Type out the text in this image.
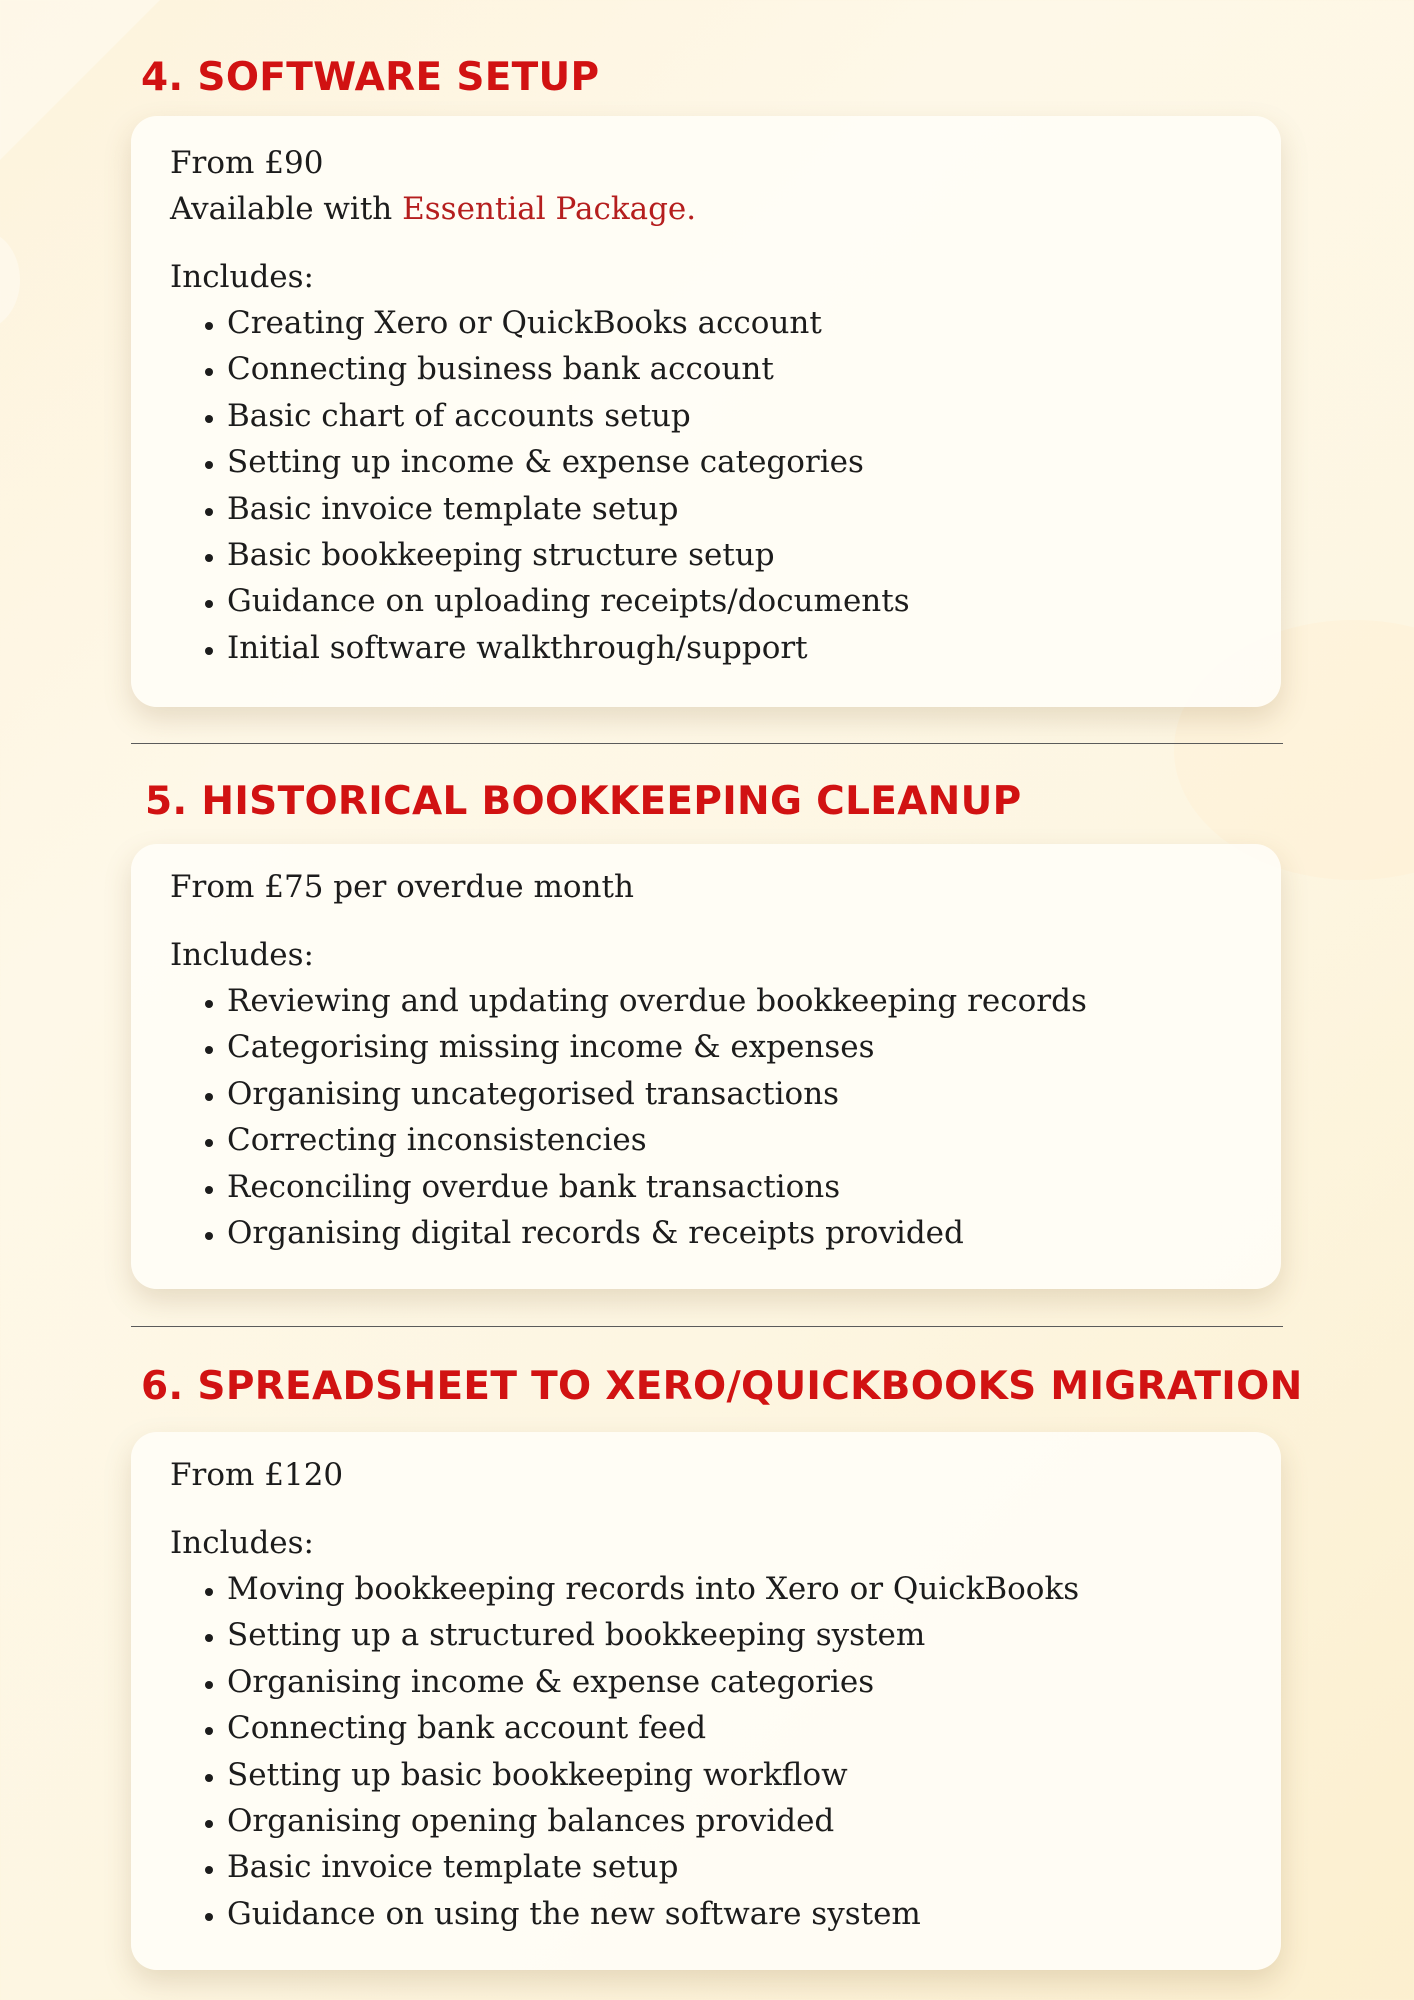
4. SOFTWARE SETUP

From £90

Available with Essential Package.

Includes:

• Creating Xero or QuickBooks account
• Connecting business bank account
• Basic chart of accounts setup
• Setting up income & expense categories
• Basic invoice template setup
• Basic bookkeeping structure setup
• Guidance on uploading receipts/documents
• Initial software walkthrough/support
5. HISTORICAL BOOKKEEPING CLEANUP

From £75 per overdue month

Includes:

• Reviewing and updating overdue bookkeeping records
• Categorising missing income & expenses
• Organising uncategorised transactions
• Correcting inconsistencies
• Reconciling overdue bank transactions
• Organising digital records & receipts provided
6. SPREADSHEET TO XERO/QUICKBOOKS MIGRATION

From £120

Includes:

• Moving bookkeeping records into Xero or QuickBooks
• Setting up a structured bookkeeping system
• Organising income & expense categories
• Connecting bank account feed
• Setting up basic bookkeeping workflow
• Organising opening balances provided
• Basic invoice template setup
• Guidance on using the new software system
